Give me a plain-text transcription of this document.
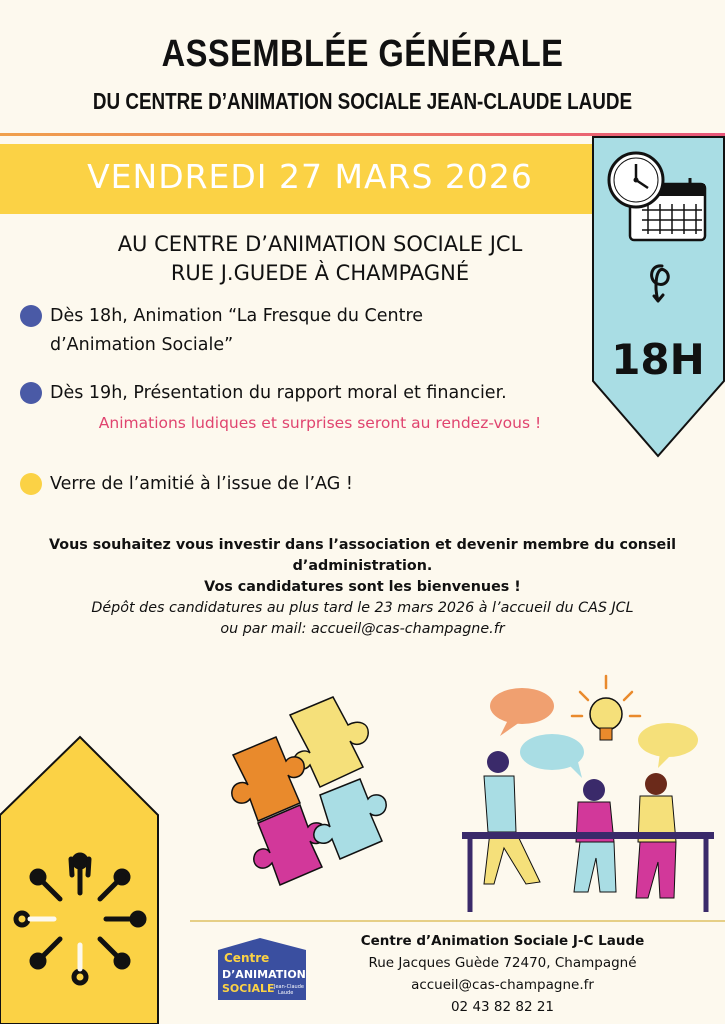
ASSEMBLÉE GÉNÉRALE
DU CENTRE D’ANIMATION SOCIALE JEAN-CLAUDE LAUDE
VENDREDI 27 MARS 2026
18H
AU CENTRE D’ANIMATION SOCIALE JCL
RUE J.GUEDE À CHAMPAGNÉ
Dès 18h, Animation “La Fresque du Centre
d’Animation Sociale”
Dès 19h, Présentation du rapport moral et financier.
Animations ludiques et surprises seront au rendez-vous !
Verre de l’amitié à l’issue de l’AG !
Vous souhaitez vous investir dans l’association et devenir membre du conseil
d’administration.
Vos candidatures sont les bienvenues !
Dépôt des candidatures au plus tard le 23 mars 2026 à l’accueil du CAS JCL
ou par mail: accueil@cas-champagne.fr
Centre
D’ANIMATION
SOCIALE Jean-Claude
Laude
Centre d’Animation Sociale J-C Laude
Rue Jacques Guède 72470, Champagné
accueil@cas-champagne.fr
02 43 82 82 21
